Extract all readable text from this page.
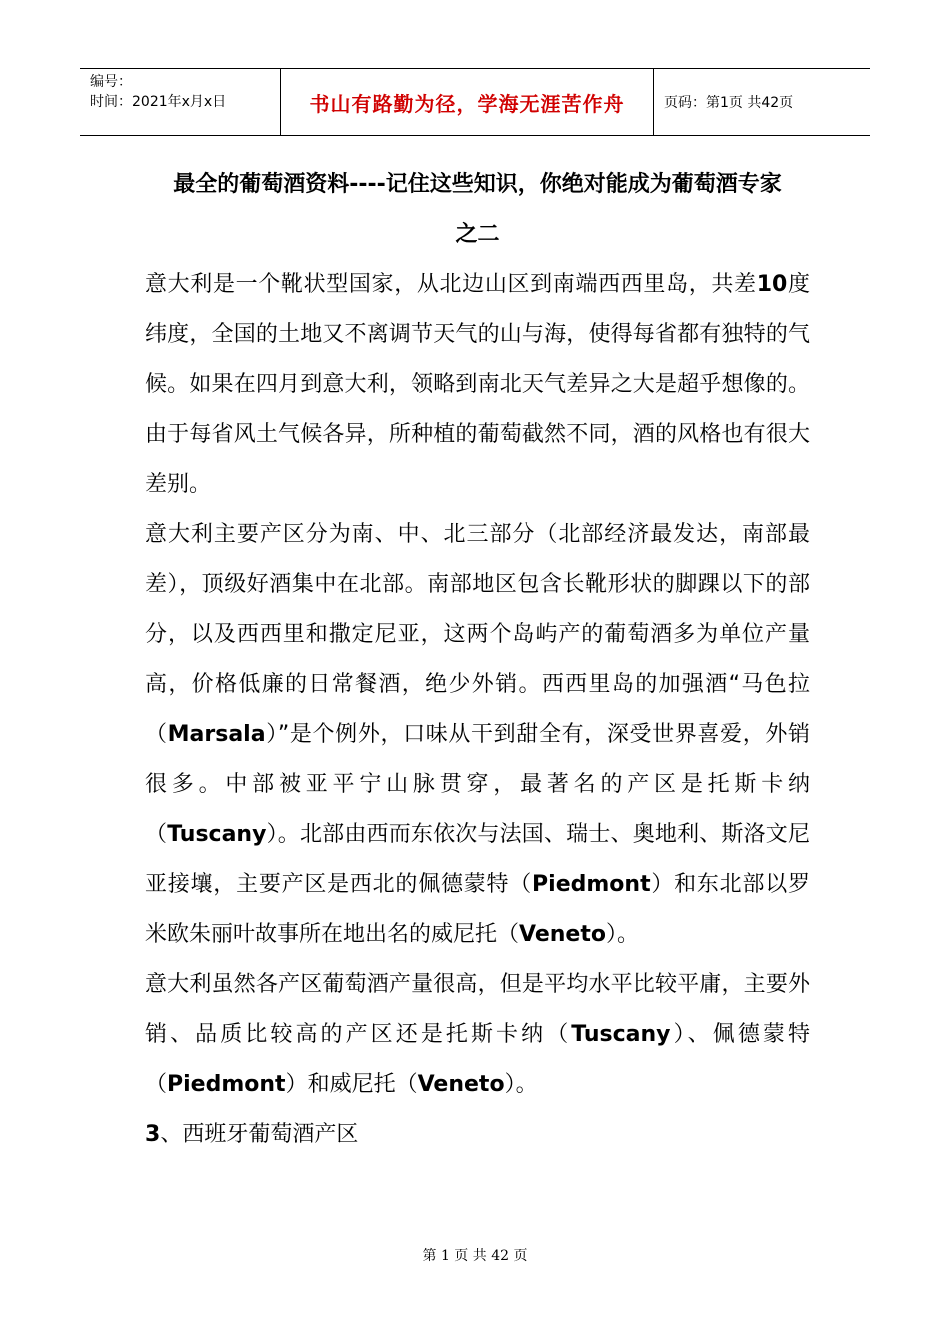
编号：
时间：2021年x月x日	书山有路勤为径，学海无涯苦作舟	页码：第1页 共42页

最全的葡萄酒资料----记住这些知识，你绝对能成为葡萄酒专家

之二

意大利是一个靴状型国家，从北边山区到南端西西里岛，共差10度纬度，全国的土地又不离调节天气的山与海，使得每省都有独特的气候。如果在四月到意大利，领略到南北天气差异之大是超乎想像的。由于每省风土气候各异，所种植的葡萄截然不同，酒的风格也有很大差别。

意大利主要产区分为南、中、北三部分（北部经济最发达，南部最差），顶级好酒集中在北部。南部地区包含长靴形状的脚踝以下的部分，以及西西里和撒定尼亚，这两个岛屿产的葡萄酒多为单位产量高，价格低廉的日常餐酒，绝少外销。西西里岛的加强酒“马色拉（Marsala）”是个例外，口味从干到甜全有，深受世界喜爱，外销很多。中部被亚平宁山脉贯穿，最著名的产区是托斯卡纳（Tuscany）。北部由西而东依次与法国、瑞士、奥地利、斯洛文尼亚接壤，主要产区是西北的佩德蒙特（Piedmont）和东北部以罗米欧朱丽叶故事所在地出名的威尼托（Veneto）。

意大利虽然各产区葡萄酒产量很高，但是平均水平比较平庸，主要外销、品质比较高的产区还是托斯卡纳（Tuscany）、佩德蒙特（Piedmont）和威尼托（Veneto）。

3、西班牙葡萄酒产区

第 1 页 共 42 页
